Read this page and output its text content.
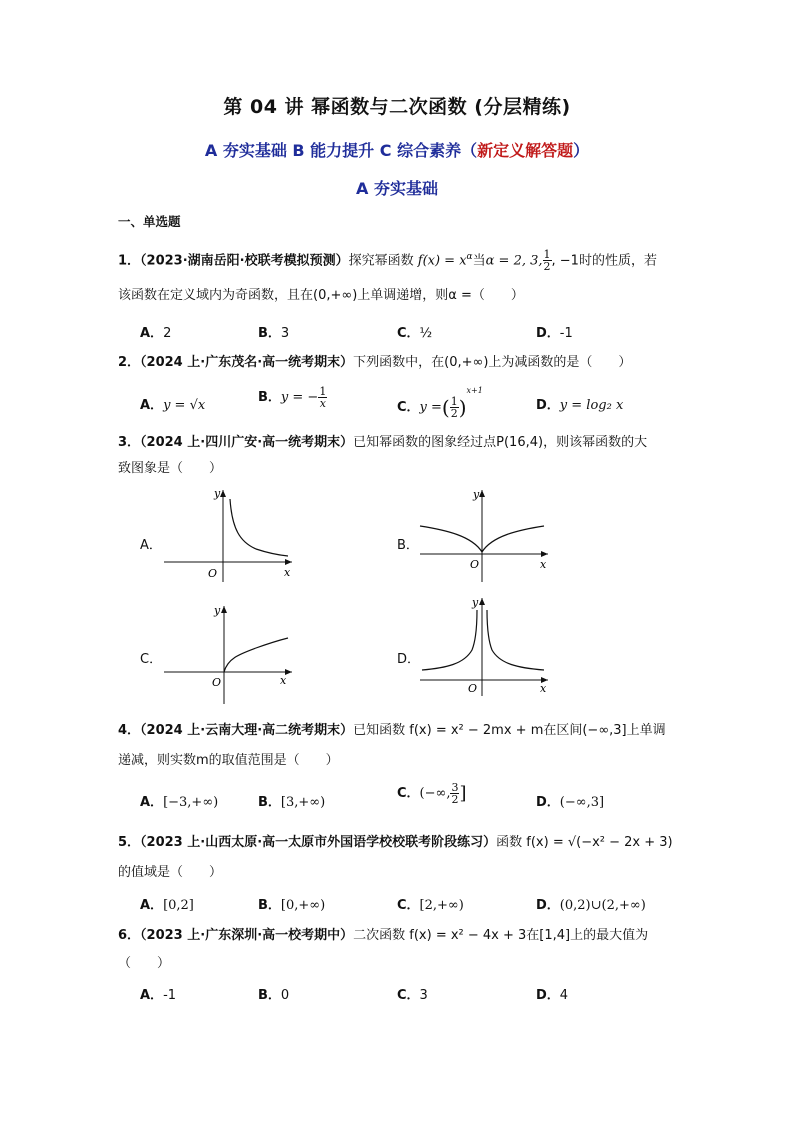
第 04 讲 幂函数与二次函数 (分层精练)
A 夯实基础 B 能力提升 C 综合素养（新定义解答题）
A 夯实基础
一、单选题
1．（2023·湖南岳阳·校联考模拟预测）探究幂函数 $f(x) = x^\alpha$当α = 2, 3, $\frac{1}{2}$ , −1时的性质，若
该函数在定义域内为奇函数，且在(0,+∞)上单调递增，则α =（　　）
A．2	B．3	C．½	D．-1
2．（2024 上·广东茂名·高一统考期末）下列函数中，在(0,+∞)上为减函数的是（　　）
A．y = √x
B．y = − $\frac{1}{x}$	C．y =( $\frac{1}{2} )^{x+1}$
D．y = log₂ x
3．（2024 上·四川广安·高一统考期末）已知幂函数的图象经过点P(16,4)，则该幂函数的大
致图象是（　　）
A．
y
x
O
B．
y
x
O
C．
y
x
O
D．
y
x
O
4．（2024 上·云南大理·高二统考期末）已知函数 f(x) = x² − 2mx + m在区间(−∞,3]上单调
递减，则实数m的取值范围是（　　）
A．[−3,+∞)	B．[3,+∞)
C．(−∞, $\frac{3}{2}$ ]	D．(−∞,3]
5．（2023 上·山西太原·高一太原市外国语学校校联考阶段练习）函数 f(x) = √(−x² − 2x + 3)
的值域是（　　）
A．[0,2]	B．[0,+∞)	C．[2,+∞)	D．(0,2)∪(2,+∞)
6．（2023 上·广东深圳·高一校考期中）二次函数 f(x) = x² − 4x + 3在[1,4]上的最大值为
（　　）
A．-1	B．0	C．3	D．4
